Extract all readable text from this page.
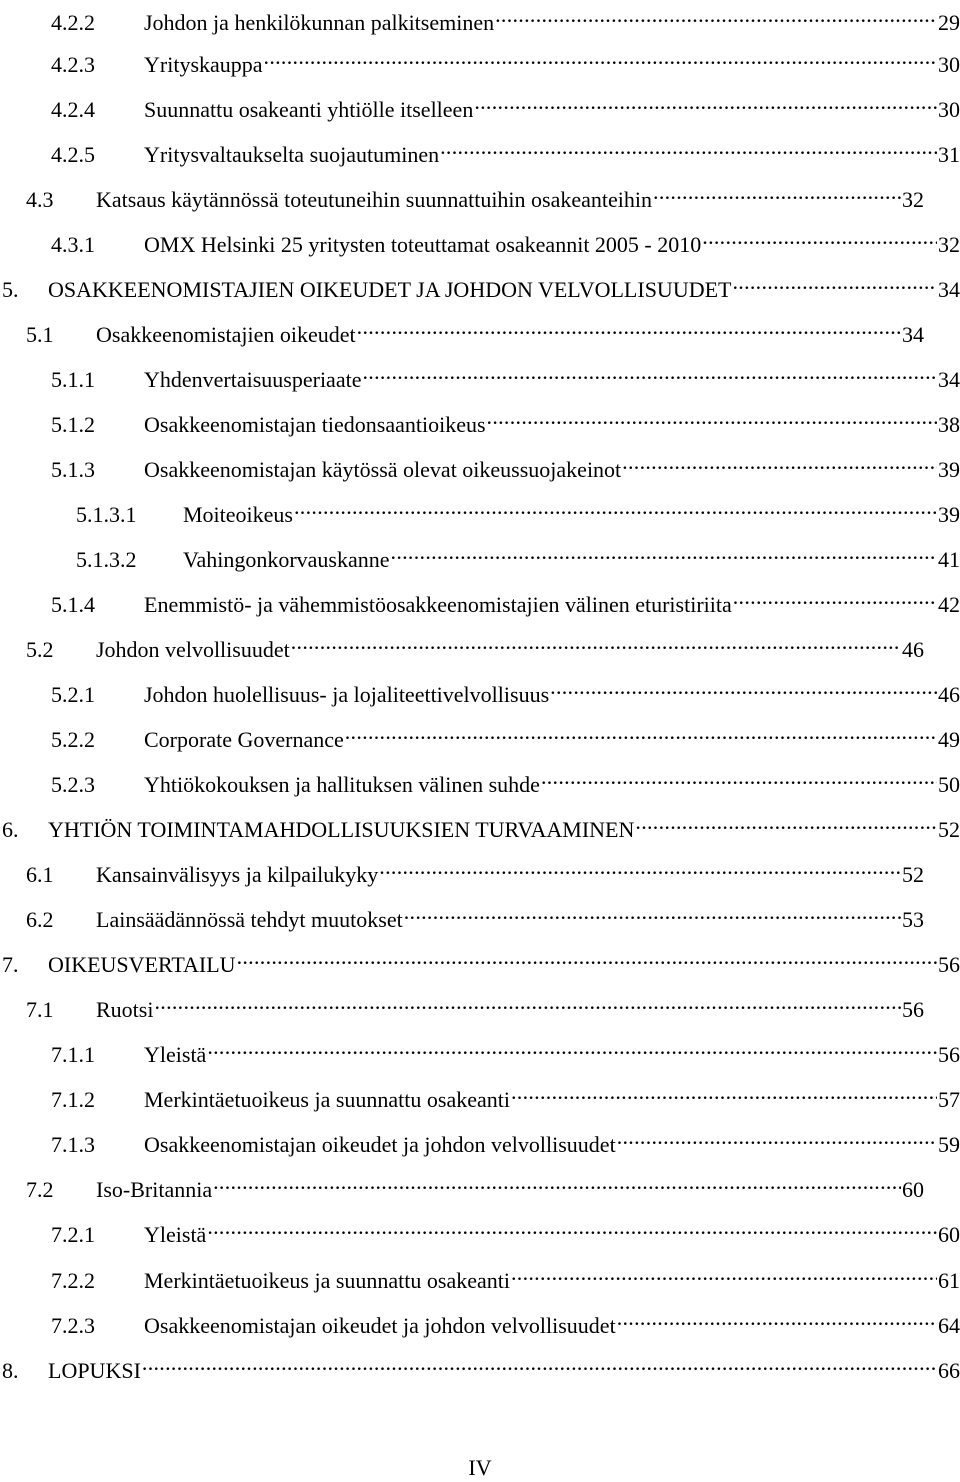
4.2.2	Johdon ja henkilökunnan palkitseminen . . .	29
4.2.3	Yrityskauppa . . .	30
4.2.4	Suunnattu osakeanti yhtiölle itselleen . . .	30
4.2.5	Yritysvaltaukselta suojautuminen . . .	31
4.3	Katsaus käytännössä toteutuneihin suunnattuihin osakeanteihin . . .	32
4.3.1	OMX Helsinki 25 yritysten toteuttamat osakeannit 2005 - 2010 . . .	32
5.	OSAKKEENOMISTAJIEN OIKEUDET JA JOHDON VELVOLLISUUDET . . .	34
5.1	Osakkeenomistajien oikeudet . . .	34
5.1.1	Yhdenvertaisuusperiaate . . .	34
5.1.2	Osakkeenomistajan tiedonsaantioikeus . . .	38
5.1.3	Osakkeenomistajan käytössä olevat oikeussuojakeinot . . .	39
5.1.3.1	Moiteoikeus . . .	39
5.1.3.2	Vahingonkorvauskanne . . .	41
5.1.4	Enemmistö- ja vähemmistöosakkeenomistajien välinen eturistiriita . . .	42
5.2	Johdon velvollisuudet . . .	46
5.2.1	Johdon huolellisuus- ja lojaliteettivelvollisuus . . .	46
5.2.2	Corporate Governance . . .	49
5.2.3	Yhtiökokouksen ja hallituksen välinen suhde . . .	50
6.	YHTIÖN TOIMINTAMAHDOLLISUUKSIEN TURVAAMINEN . . .	52
6.1	Kansainvälisyys ja kilpailukyky . . .	52
6.2	Lainsäädännössä tehdyt muutokset . . .	53
7.	OIKEUSVERTAILU . . .	56
7.1	Ruotsi . . .	56
7.1.1	Yleistä . . .	56
7.1.2	Merkintäetuoikeus ja suunnattu osakeanti . . .	57
7.1.3	Osakkeenomistajan oikeudet ja johdon velvollisuudet . . .	59
7.2	Iso-Britannia . . .	60
7.2.1	Yleistä . . .	60
7.2.2	Merkintäetuoikeus ja suunnattu osakeanti . . .	61
7.2.3	Osakkeenomistajan oikeudet ja johdon velvollisuudet . . .	64
8.	LOPUKSI . . .	66
IV
